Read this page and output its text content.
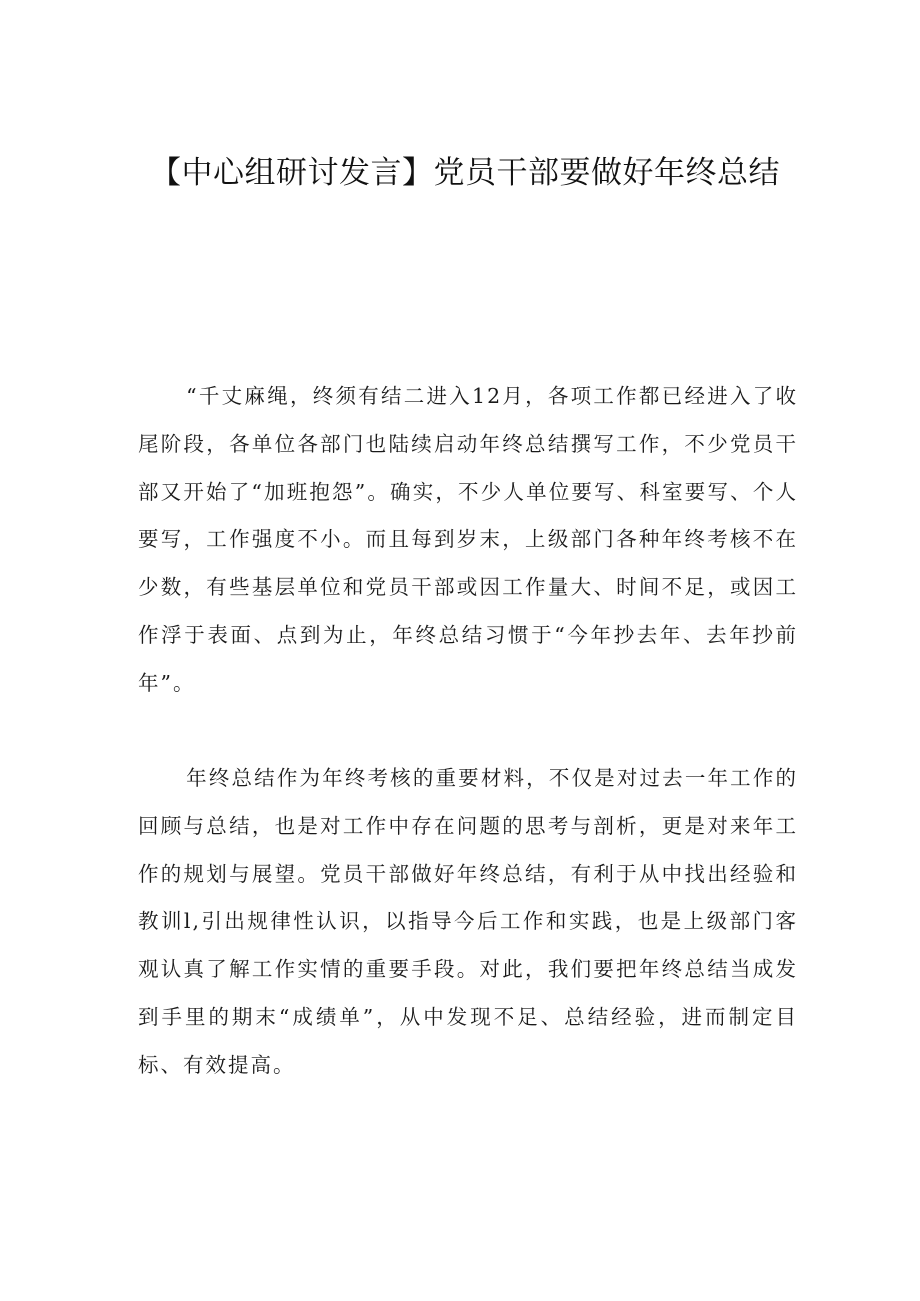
【中心组研讨发言】党员干部要做好年终总结

“千丈麻绳，终须有结二进入12月，各项工作都已经进入了收尾阶段，各单位各部门也陆续启动年终总结撰写工作，不少党员干部又开始了“加班抱怨”。确实，不少人单位要写、科室要写、个人要写，工作强度不小。而且每到岁末，上级部门各种年终考核不在少数，有些基层单位和党员干部或因工作量大、时间不足，或因工作浮于表面、点到为止，年终总结习惯于“今年抄去年、去年抄前年”。

年终总结作为年终考核的重要材料，不仅是对过去一年工作的回顾与总结，也是对工作中存在问题的思考与剖析，更是对来年工作的规划与展望。党员干部做好年终总结，有利于从中找出经验和教训l,引出规律性认识，以指导今后工作和实践，也是上级部门客观认真了解工作实情的重要手段。对此，我们要把年终总结当成发到手里的期末“成绩单”，从中发现不足、总结经验，进而制定目标、有效提高。
